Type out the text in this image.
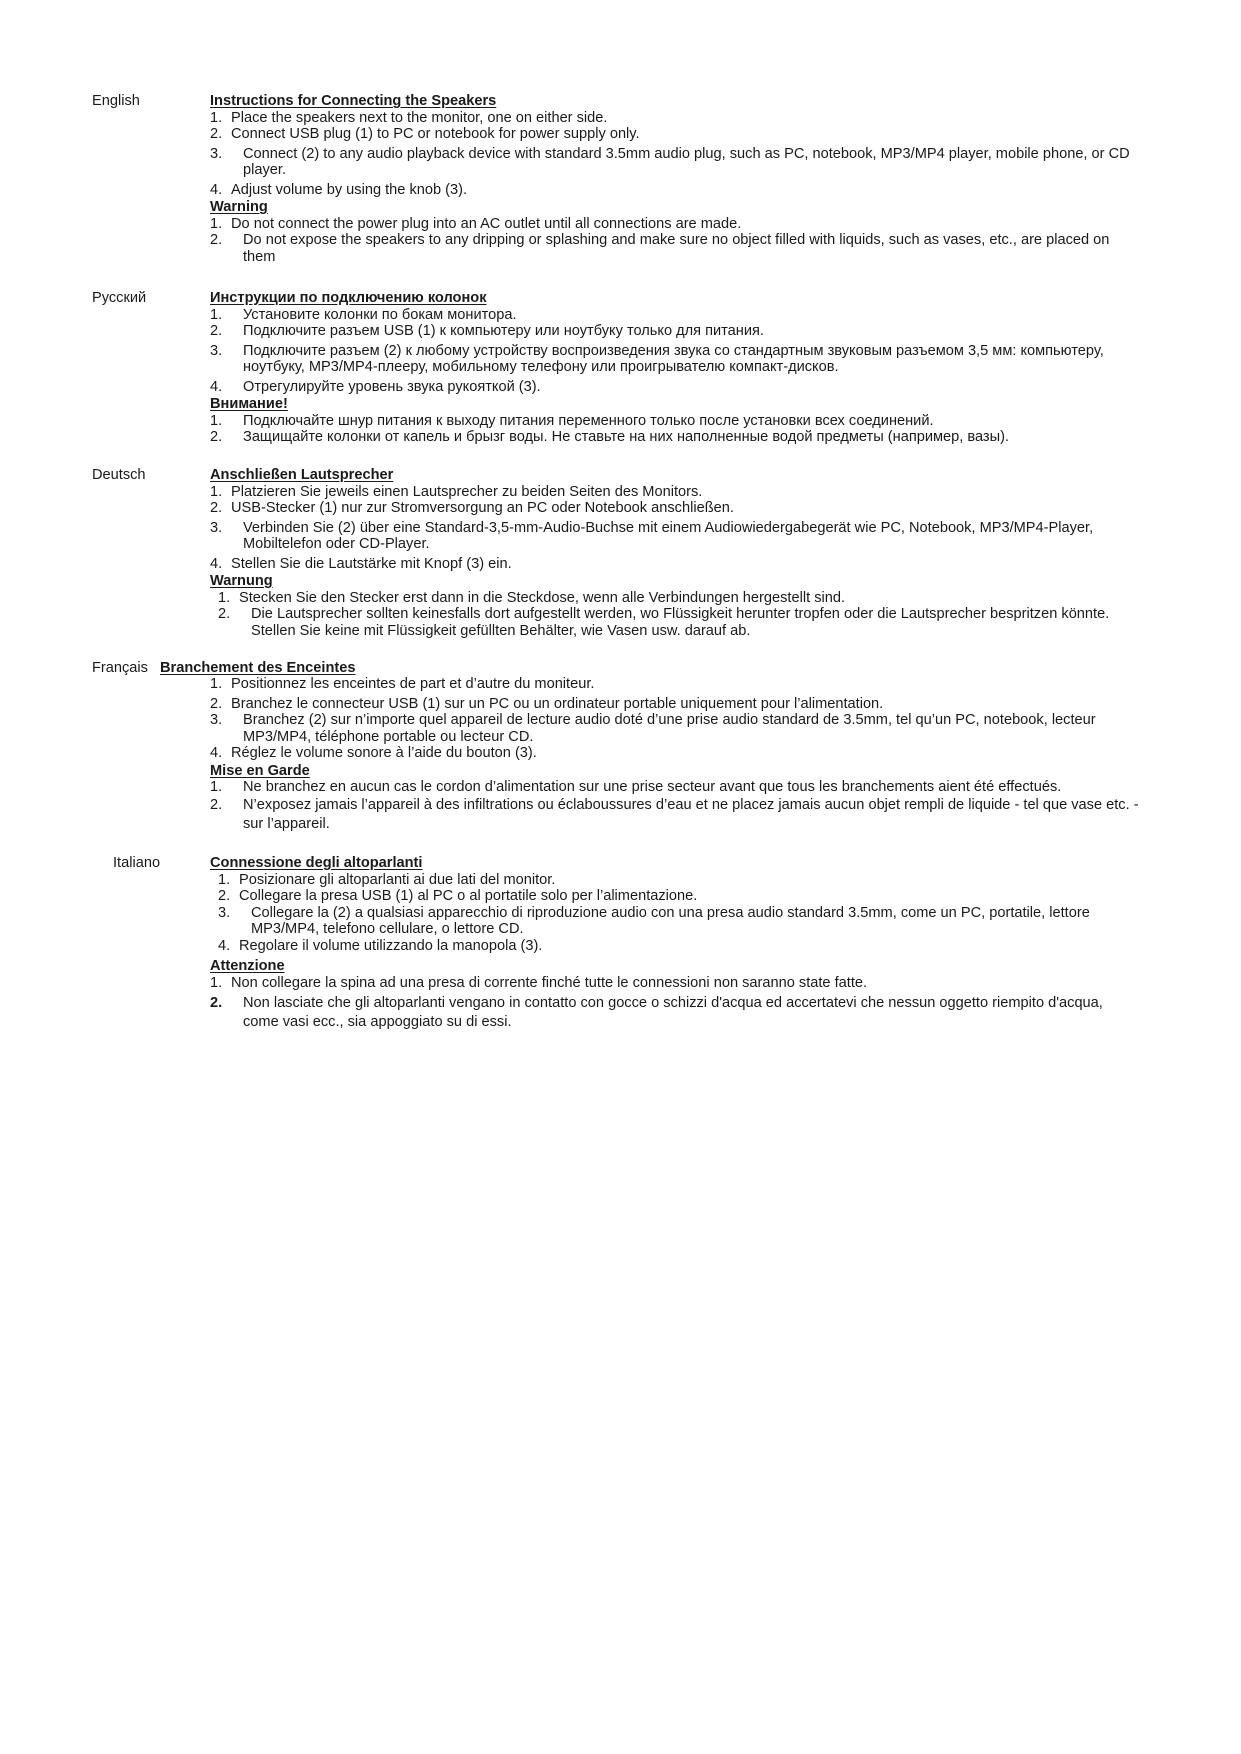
English	Instructions for Connecting the Speakers
1. Place the speakers next to the monitor, one on either side.
2. Connect USB plug (1) to PC or notebook for power supply only.
3.	Connect (2) to any audio playback device with standard 3.5mm audio plug, such as PC, notebook, MP3/MP4 player, mobile phone, or CD player.
4. Adjust volume by using the knob (3).
Warning
1. Do not connect the power plug into an AC outlet until all connections are made.
2.	Do not expose the speakers to any dripping or splashing and make sure no object filled with liquids, such as vases, etc., are placed on them
Русский	Инструкции по подключению колонок
1.	Установите колонки по бокам монитора.
2.	Подключите разъем USB (1) к компьютеру или ноутбуку только для питания.
3.	Подключите разъем (2) к любому устройству воспроизведения звука со стандартным звуковым разъемом 3,5 мм: компьютеру, ноутбуку, MP3/MP4-плееру, мобильному телефону или проигрывателю компакт-дисков.
4.	Отрегулируйте уровень звука рукояткой (3).
Внимание!
1.	Подключайте шнур питания к выходу питания переменного только после установки всех соединений.
2.	Защищайте колонки от капель и брызг воды. Не ставьте на них наполненные водой предметы (например, вазы).
Deutsch	Anschließen Lautsprecher
1. Platzieren Sie jeweils einen Lautsprecher zu beiden Seiten des Monitors.
2. USB-Stecker (1) nur zur Stromversorgung an PC oder Notebook anschließen.
3.	Verbinden Sie (2) über eine Standard-3,5-mm-Audio-Buchse mit einem Audiowiedergabegerät wie PC, Notebook, MP3/MP4-Player, Mobiltelefon oder CD-Player.
4. Stellen Sie die Lautstärke mit Knopf (3) ein.
Warnung
1. Stecken Sie den Stecker erst dann in die Steckdose, wenn alle Verbindungen hergestellt sind.
2.	Die Lautsprecher sollten keinesfalls dort aufgestellt werden, wo Flüssigkeit herunter tropfen oder die Lautsprecher bespritzen könnte. Stellen Sie keine mit Flüssigkeit gefüllten Behälter, wie Vasen usw. darauf ab.
Français Branchement des Enceintes
1. Positionnez les enceintes de part et d’autre du moniteur.
2. Branchez le connecteur USB (1) sur un PC ou un ordinateur portable uniquement pour l’alimentation.
3.	Branchez (2) sur n’importe quel appareil de lecture audio doté d’une prise audio standard de 3.5mm, tel qu’un PC, notebook, lecteur MP3/MP4, téléphone portable ou lecteur CD.
4. Réglez le volume sonore à l’aide du bouton (3).
Mise en Garde
1.	Ne branchez en aucun cas le cordon d’alimentation sur une prise secteur avant que tous les branchements aient été effectués.
2.	N’exposez jamais l’appareil à des infiltrations ou éclaboussures d’eau et ne placez jamais aucun objet rempli de liquide - tel que vase etc. - sur l’appareil.
Italiano	Connessione degli altoparlanti
1. Posizionare gli altoparlanti ai due lati del monitor.
2. Collegare la presa USB (1) al PC o al portatile solo per l’alimentazione.
3.	Collegare la (2) a qualsiasi apparecchio di riproduzione audio con una presa audio standard 3.5mm, come un PC, portatile, lettore MP3/MP4, telefono cellulare, o lettore CD.
4. Regolare il volume utilizzando la manopola (3).
Attenzione
1. Non collegare la spina ad una presa di corrente finché tutte le connessioni non saranno state fatte.
2.	Non lasciate che gli altoparlanti vengano in contatto con gocce o schizzi d'acqua ed accertatevi che nessun oggetto riempito d'acqua, come vasi ecc., sia appoggiato su di essi.
